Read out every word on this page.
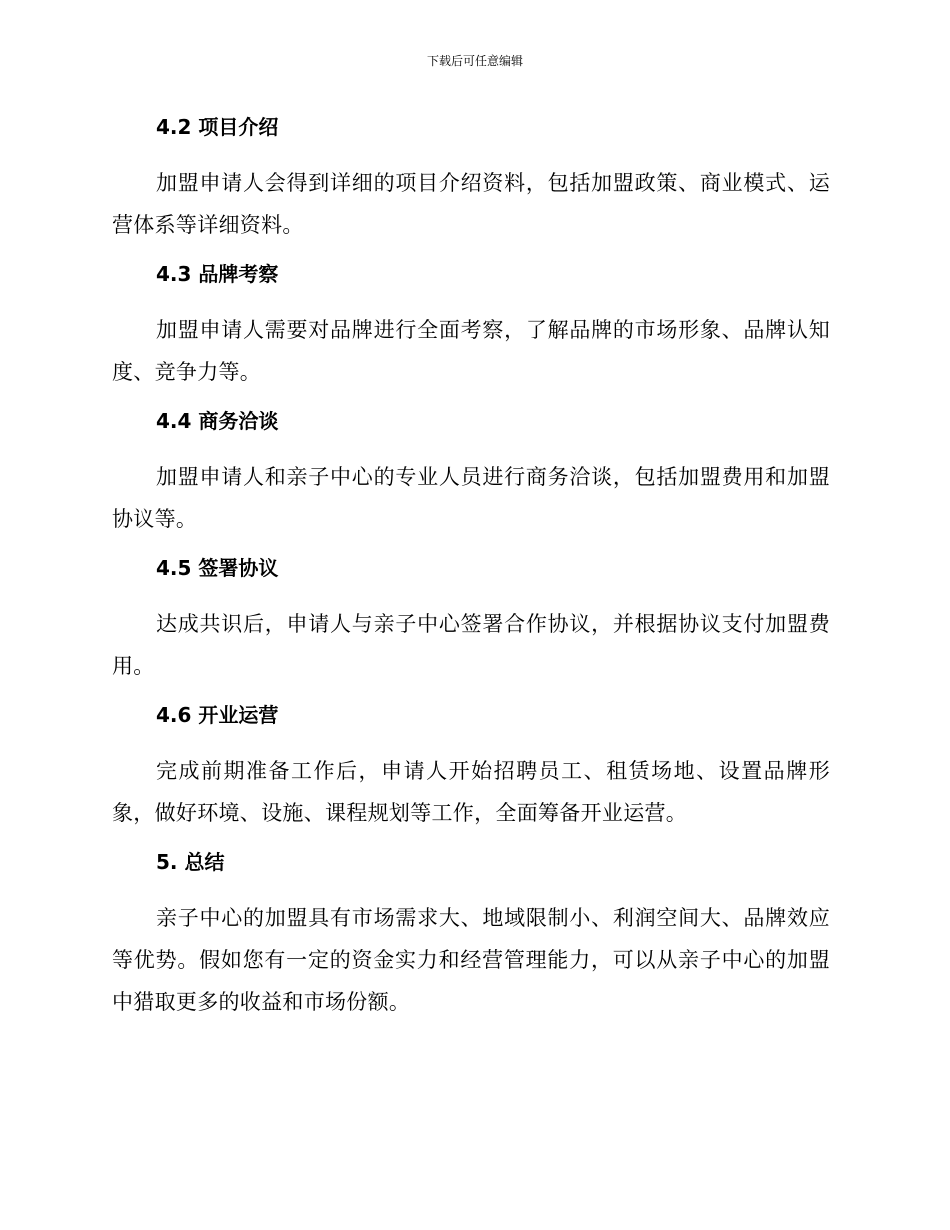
下载后可任意编辑
4.2 项目介绍

加盟申请人会得到详细的项目介绍资料，包括加盟政策、商业模式、运营体系等详细资料。

4.3 品牌考察

加盟申请人需要对品牌进行全面考察，了解品牌的市场形象、品牌认知度、竞争力等。

4.4 商务洽谈

加盟申请人和亲子中心的专业人员进行商务洽谈，包括加盟费用和加盟协议等。

4.5 签署协议

达成共识后，申请人与亲子中心签署合作协议，并根据协议支付加盟费用。

4.6 开业运营

完成前期准备工作后，申请人开始招聘员工、租赁场地、设置品牌形象，做好环境、设施、课程规划等工作，全面筹备开业运营。

5. 总结

亲子中心的加盟具有市场需求大、地域限制小、利润空间大、品牌效应等优势。假如您有一定的资金实力和经营管理能力，可以从亲子中心的加盟中猎取更多的收益和市场份额。
